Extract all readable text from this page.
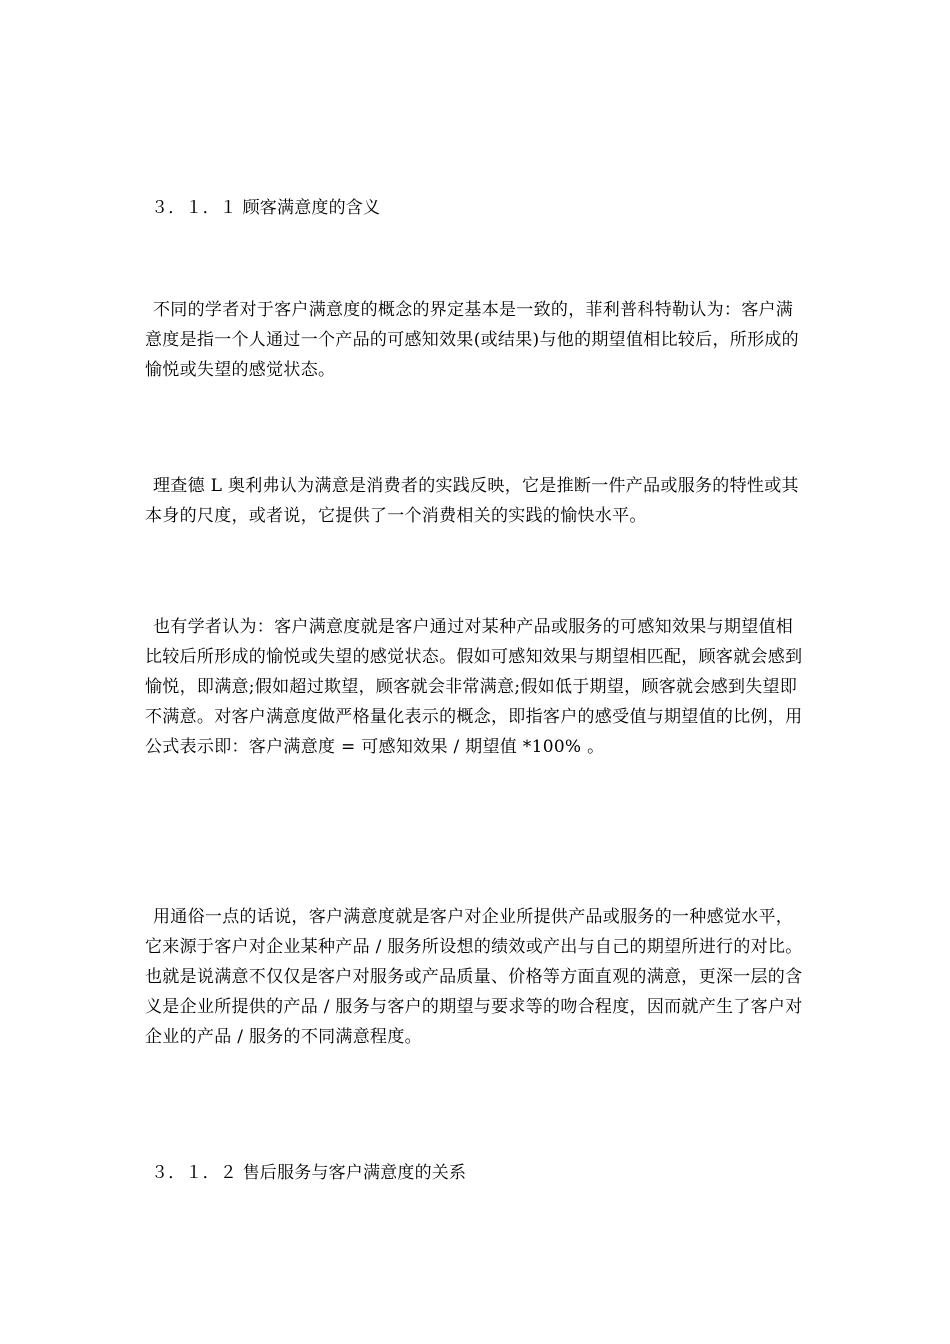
３．１．１ 顾客满意度的含义
不同的学者对于客户满意度的概念的界定基本是一致的，菲利普科特勒认为：客户满意度是指一个人通过一个产品的可感知效果(或结果)与他的期望值相比较后，所形成的愉悦或失望的感觉状态。
理查德 L 奥利弗认为满意是消费者的实践反映，它是推断一件产品或服务的特性或其本身的尺度，或者说，它提供了一个消费相关的实践的愉快水平。
也有学者认为：客户满意度就是客户通过对某种产品或服务的可感知效果与期望值相比较后所形成的愉悦或失望的感觉状态。假如可感知效果与期望相匹配，顾客就会感到愉悦，即满意;假如超过欺望，顾客就会非常满意;假如低于期望，顾客就会感到失望即不满意。对客户满意度做严格量化表示的概念，即指客户的感受值与期望值的比例，用公式表示即：客户满意度 = 可感知效果 / 期望值 *100% 。
用通俗一点的话说，客户满意度就是客户对企业所提供产品或服务的一种感觉水平，它来源于客户对企业某种产品 / 服务所设想的绩效或产出与自己的期望所进行的对比。也就是说满意不仅仅是客户对服务或产品质量、价格等方面直观的满意，更深一层的含义是企业所提供的产品 / 服务与客户的期望与要求等的吻合程度，因而就产生了客户对企业的产品 / 服务的不同满意程度。
３．１．２ 售后服务与客户满意度的关系
